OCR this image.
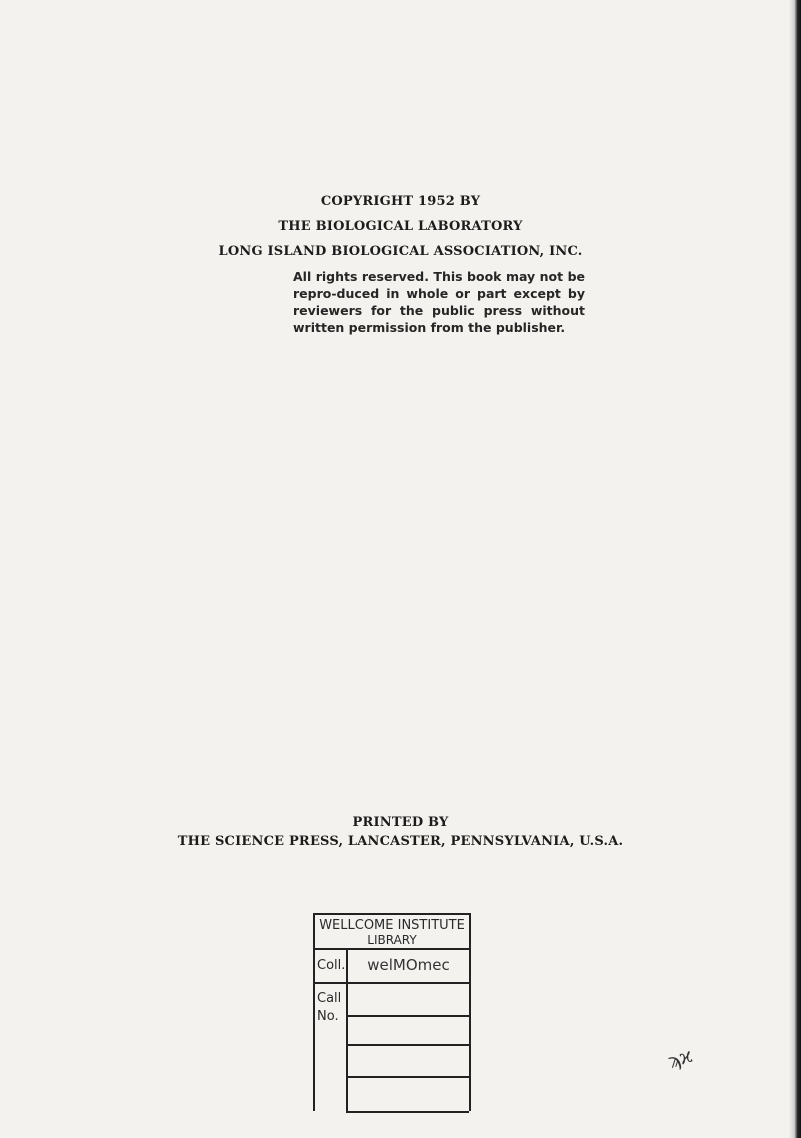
COPYRIGHT 1952 BY
THE BIOLOGICAL LABORATORY
LONG ISLAND BIOLOGICAL ASSOCIATION, INC.
All rights reserved. This book may not be repro-duced in whole or part except by reviewers for the public press without written permission from the publisher.
PRINTED BY
THE SCIENCE PRESS, LANCASTER, PENNSYLVANIA, U.S.A.
WELLCOME INSTITUTE
LIBRARY
Coll.	welMOmec
Call
No.
ϡϰ
